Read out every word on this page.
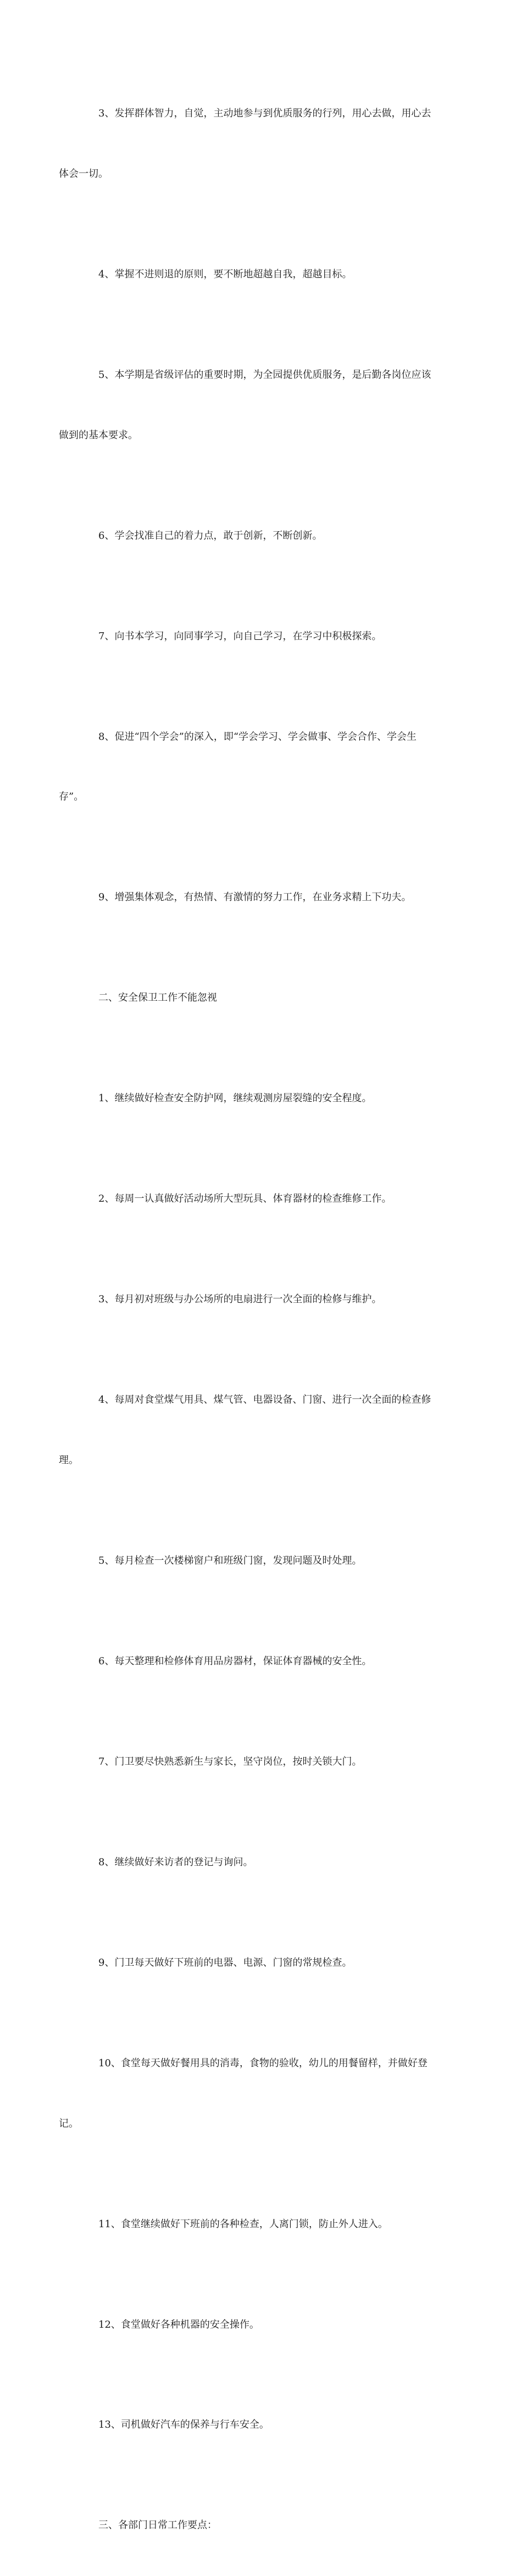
3、发挥群体智力，自觉，主动地参与到优质服务的行列，用心去做，用心去

体会一切。

4、掌握不进则退的原则，要不断地超越自我，超越目标。

5、本学期是省级评估的重要时期，为全园提供优质服务，是后勤各岗位应该

做到的基本要求。

6、学会找准自己的着力点，敢于创新，不断创新。

7、向书本学习，向同事学习，向自己学习，在学习中积极探索。

8、促进“四个学会”的深入，即“学会学习、学会做事、学会合作、学会生

存”。

9、增强集体观念，有热情、有激情的努力工作，在业务求精上下功夫。

二、安全保卫工作不能忽视

1、继续做好检查安全防护网，继续观测房屋裂缝的安全程度。

2、每周一认真做好活动场所大型玩具、体育器材的检查维修工作。

3、每月初对班级与办公场所的电扇进行一次全面的检修与维护。

4、每周对食堂煤气用具、煤气管、电器设备、门窗、进行一次全面的检查修

理。

5、每月检查一次楼梯窗户和班级门窗，发现问题及时处理。

6、每天整理和检修体育用品房器材，保证体育器械的安全性。

7、门卫要尽快熟悉新生与家长，坚守岗位，按时关锁大门。

8、继续做好来访者的登记与询问。

9、门卫每天做好下班前的电器、电源、门窗的常规检查。

10、食堂每天做好餐用具的消毒，食物的验收，幼儿的用餐留样，并做好登

记。

11、食堂继续做好下班前的各种检查，人离门锁，防止外人进入。

12、食堂做好各种机器的安全操作。

13、司机做好汽车的保养与行车安全。

三、各部门日常工作要点：
